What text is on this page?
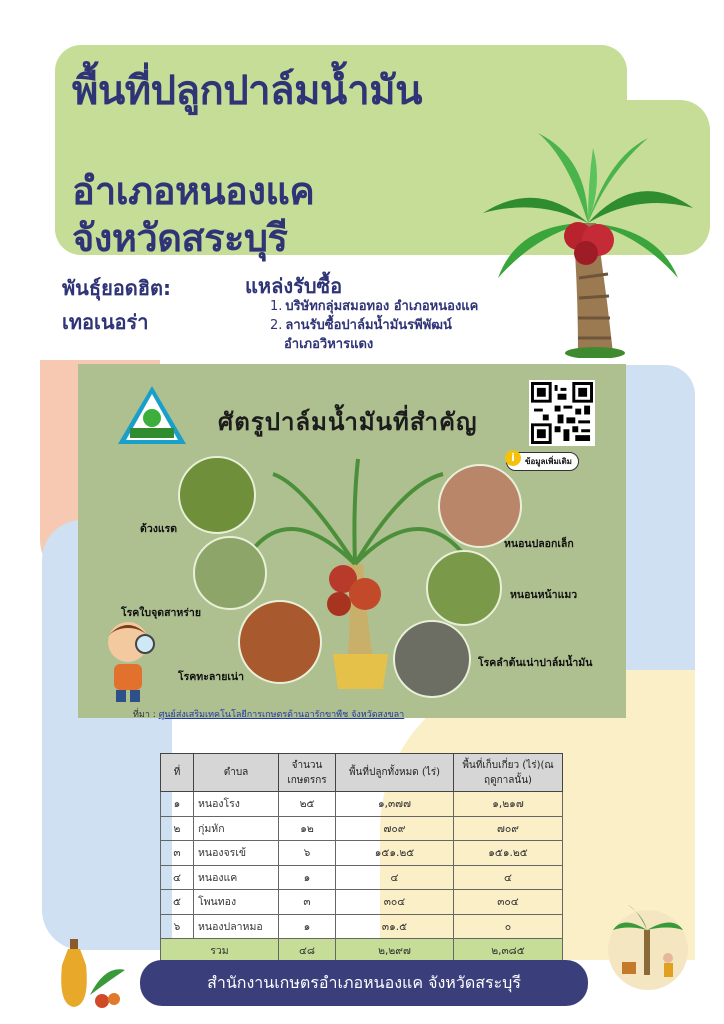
พื้นที่ปลูกปาล์มน้ำมัน
อำเภอหนองแค
จังหวัดสระบุรี
พันธุ์ยอดฮิต:
เทอเนอร่า
แหล่งรับซื้อ
1. บริษัทกลุ่มสมอทอง อำเภอหนองแค
2. ลานรับซื้อปาล์มน้ำมันรพีพัฒน์
อำเภอวิหารแดง
ศัตรูปาล์มน้ำมันที่สำคัญ
i	ข้อมูลเพิ่มเติม
ด้วงแรด
โรคใบจุดสาหร่าย
โรคทะลายเน่า
หนอนปลอกเล็ก
หนอนหน้าแมว
โรคลำต้นเน่าปาล์มน้ำมัน
ที่มา : ศูนย์ส่งเสริมเทคโนโลยีการเกษตรด้านอารักขาพืช จังหวัดสงขลา
ที่	ตำบล	จำนวน เกษตรกร	พื้นที่ปลูกทั้งหมด (ไร่)	พื้นที่เก็บเกี่ยว (ไร่)(ณ ฤดูกาลนั้น)
๑	หนองโรง	๒๕	๑,๓๗๗	๑,๒๑๗
๒	กุ่มหัก	๑๒	๗๐๙	๗๐๙
๓	หนองจรเข้	๖	๑๕๑.๒๕	๑๕๑.๒๕
๔	หนองแค	๑	๔	๔
๕	โพนทอง	๓	๓๐๔	๓๐๔
๖	หนองปลาหมอ	๑	๓๑.๕	๐
รวม		๔๘	๒,๒๙๗	๒,๓๘๕
สำนักงานเกษตรอำเภอหนองแค จังหวัดสระบุรี
